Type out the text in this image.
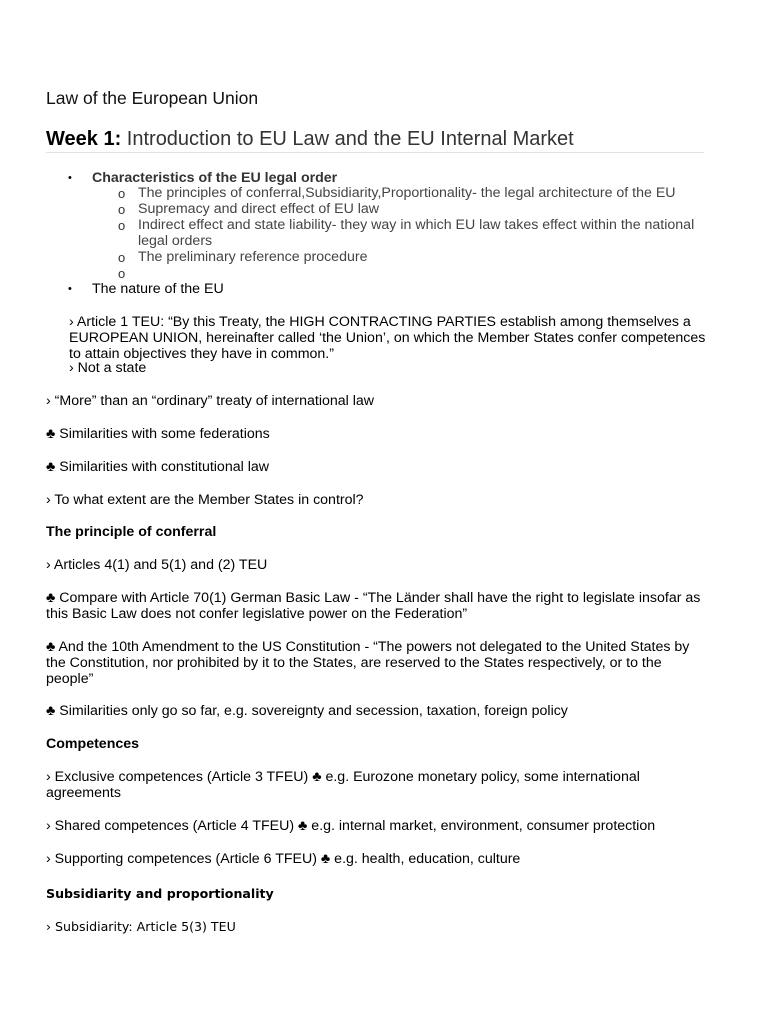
Law of the European Union
Week 1: Introduction to EU Law and the EU Internal Market
• Characteristics of the EU legal order
o The principles of conferral,Subsidiarity,Proportionality- the legal architecture of the EU
o Supremacy and direct effect of EU law
o Indirect effect and state liability- they way in which EU law takes effect within the national legal orders
o The preliminary reference procedure
o
• The nature of the EU
› Article 1 TEU: “By this Treaty, the HIGH CONTRACTING PARTIES establish among themselves a EUROPEAN UNION, hereinafter called ‘the Union’, on which the Member States confer competences to attain objectives they have in common.”
› Not a state
› “More” than an “ordinary” treaty of international law
♣ Similarities with some federations
♣ Similarities with constitutional law
› To what extent are the Member States in control?
The principle of conferral
› Articles 4(1) and 5(1) and (2) TEU
♣ Compare with Article 70(1) German Basic Law - “The Länder shall have the right to legislate insofar as this Basic Law does not confer legislative power on the Federation”
♣ And the 10th Amendment to the US Constitution - “The powers not delegated to the United States by the Constitution, nor prohibited by it to the States, are reserved to the States respectively, or to the people”
♣ Similarities only go so far, e.g. sovereignty and secession, taxation, foreign policy
Competences
› Exclusive competences (Article 3 TFEU) ♣ e.g. Eurozone monetary policy, some international agreements
› Shared competences (Article 4 TFEU) ♣ e.g. internal market, environment, consumer protection
› Supporting competences (Article 6 TFEU) ♣ e.g. health, education, culture
Subsidiarity and proportionality
› Subsidiarity: Article 5(3) TEU
